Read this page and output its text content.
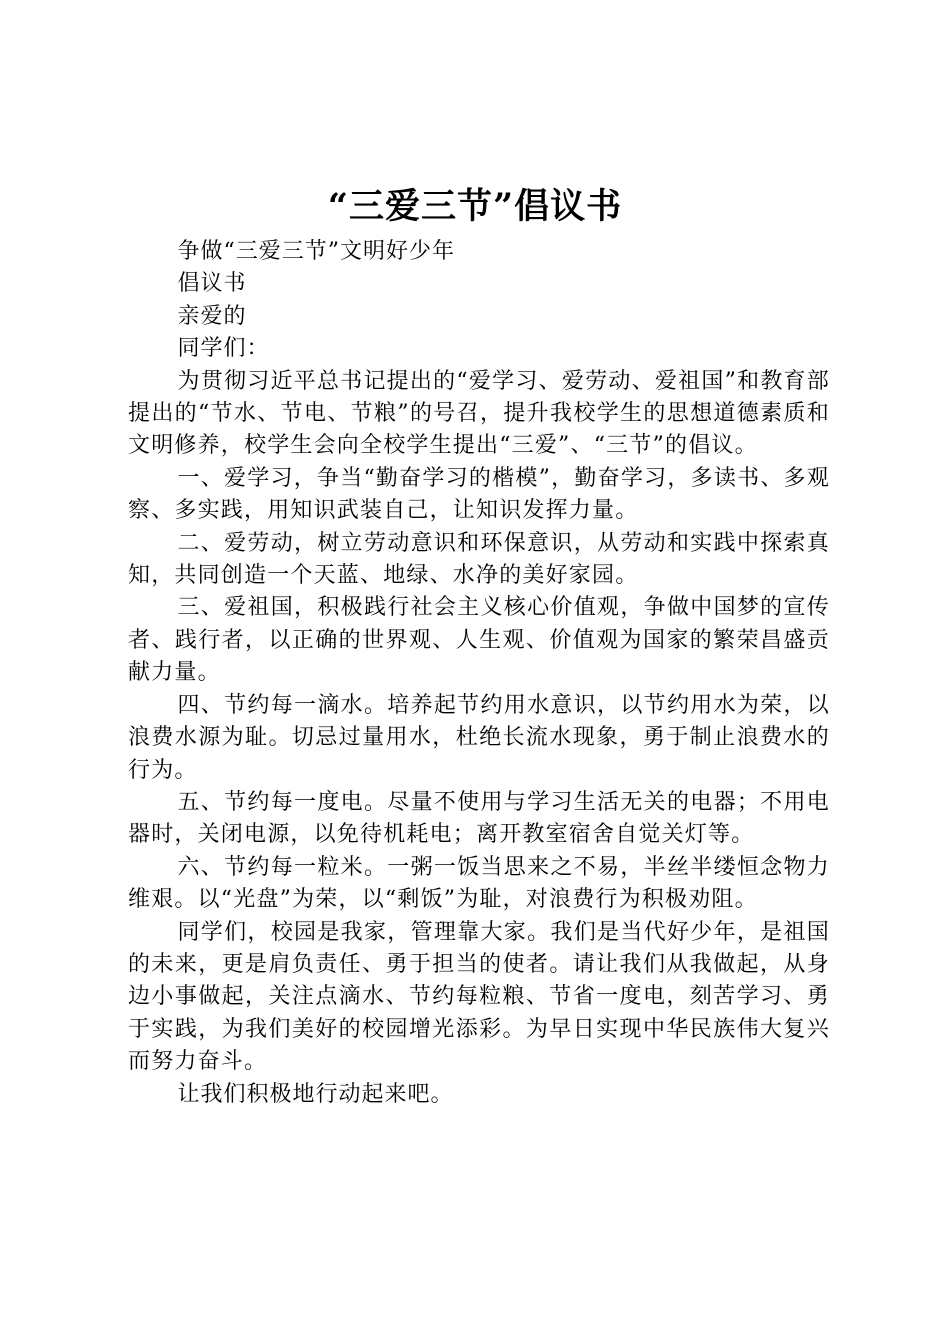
“三爱三节”倡议书

争做“三爱三节”文明好少年

倡议书

亲爱的

同学们：

为贯彻习近平总书记提出的“爱学习、爱劳动、爱祖国”和教育部提出的“节水、节电、节粮”的号召，提升我校学生的思想道德素质和文明修养，校学生会向全校学生提出“三爱”、“三节”的倡议。

一、爱学习，争当“勤奋学习的楷模”，勤奋学习，多读书、多观察、多实践，用知识武装自己，让知识发挥力量。

二、爱劳动，树立劳动意识和环保意识，从劳动和实践中探索真知，共同创造一个天蓝、地绿、水净的美好家园。

三、爱祖国，积极践行社会主义核心价值观，争做中国梦的宣传者、践行者，以正确的世界观、人生观、价值观为国家的繁荣昌盛贡献力量。

四、节约每一滴水。培养起节约用水意识，以节约用水为荣，以浪费水源为耻。切忌过量用水，杜绝长流水现象，勇于制止浪费水的行为。

五、节约每一度电。尽量不使用与学习生活无关的电器；不用电器时，关闭电源，以免待机耗电；离开教室宿舍自觉关灯等。

六、节约每一粒米。一粥一饭当思来之不易，半丝半缕恒念物力维艰。以“光盘”为荣，以“剩饭”为耻，对浪费行为积极劝阻。

同学们，校园是我家，管理靠大家。我们是当代好少年，是祖国的未来，更是肩负责任、勇于担当的使者。请让我们从我做起，从身边小事做起，关注点滴水、节约每粒粮、节省一度电，刻苦学习、勇于实践，为我们美好的校园增光添彩。为早日实现中华民族伟大复兴而努力奋斗。

让我们积极地行动起来吧。
